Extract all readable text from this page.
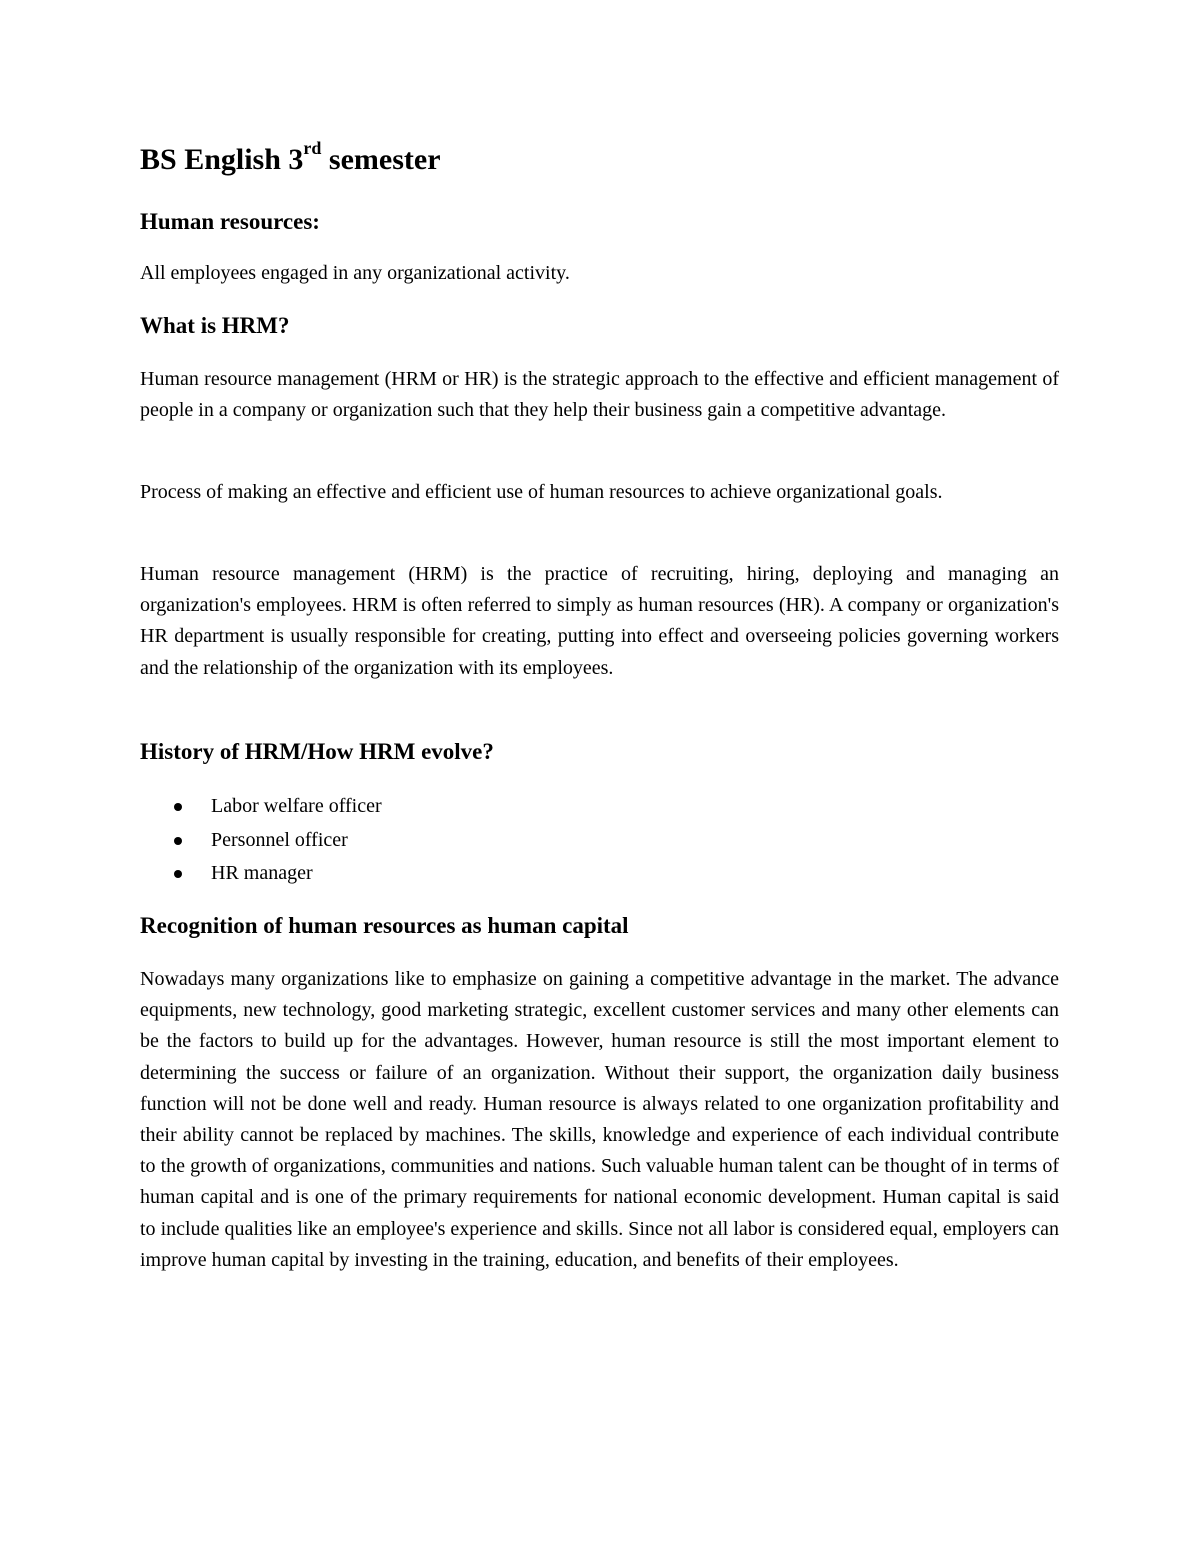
BS English 3rd semester
Human resources:

All employees engaged in any organizational activity.

What is HRM?

Human resource management (HRM or HR) is the strategic approach to the effective and efficient management of people in a company or organization such that they help their business gain a competitive advantage.

Process of making an effective and efficient use of human resources to achieve organizational goals.

Human resource management (HRM) is the practice of recruiting, hiring, deploying and managing an organization's employees. HRM is often referred to simply as human resources (HR). A company or organization's HR department is usually responsible for creating, putting into effect and overseeing policies governing workers and the relationship of the organization with its employees.

History of HRM/How HRM evolve?
Labor welfare officer
Personnel officer
HR manager
Recognition of human resources as human capital

Nowadays many organizations like to emphasize on gaining a competitive advantage in the market. The advance equipments, new technology, good marketing strategic, excellent customer services and many other elements can be the factors to build up for the advantages. However, human resource is still the most important element to determining the success or failure of an organization. Without their support, the organization daily business function will not be done well and ready. Human resource is always related to one organization profitability and their ability cannot be replaced by machines. The skills, knowledge and experience of each individual contribute to the growth of organizations, communities and nations. Such valuable human talent can be thought of in terms of human capital and is one of the primary requirements for national economic development. Human capital is said to include qualities like an employee's experience and skills. Since not all labor is considered equal, employers can improve human capital by investing in the training, education, and benefits of their employees.
